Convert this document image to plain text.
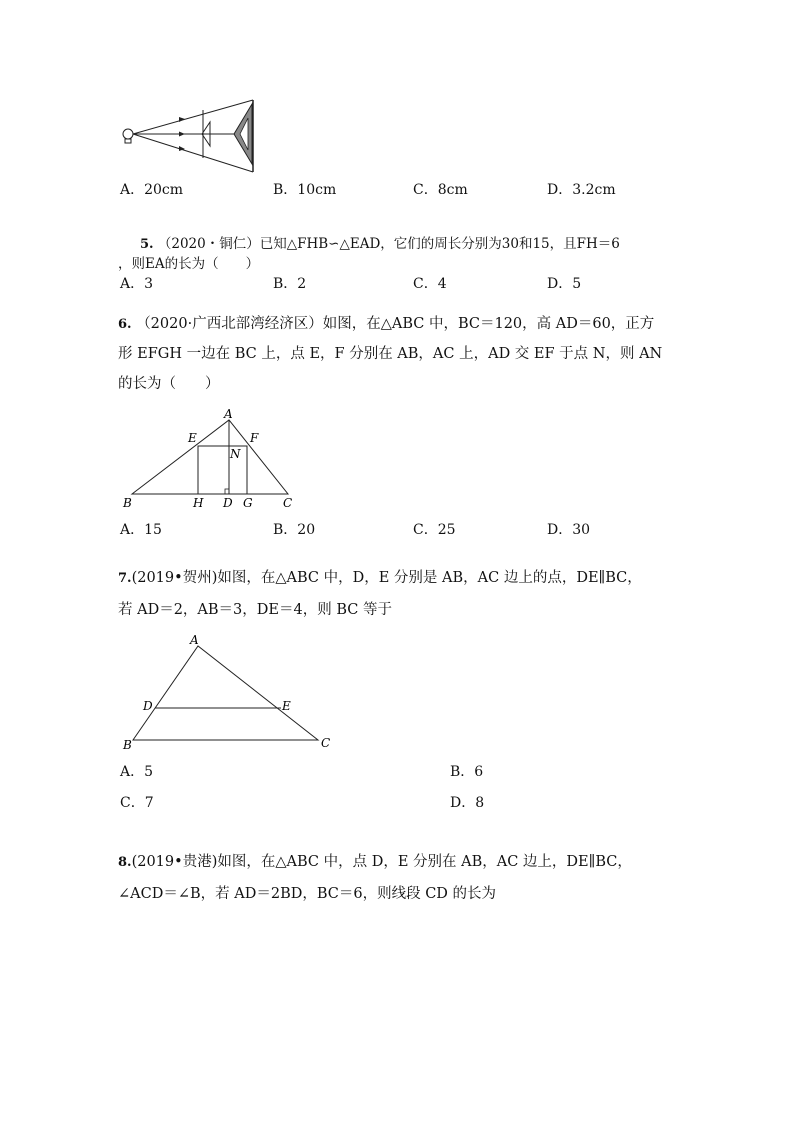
A．20cm	B．10cm	C．8cm	D．3.2cm
5. （2020・铜仁）已知△FHB∽△EAD，它们的周长分别为30和15，且FH＝6
，则EA的长为（　　）
A．3	B．2	C．4	D．5
6. （2020·广西北部湾经济区）如图，在△ABC 中，BC＝120，高 AD＝60，正方
形 EFGH 一边在 BC 上，点 E，F 分别在 AB，AC 上，AD 交 EF 于点 N，则 AN
的长为（　　）
A
E	F
N
B	H D G	C
A．15	B．20	C．25	D．30
7.(2019•贺州)如图，在△ABC 中，D，E 分别是 AB，AC 边上的点，DE∥BC，
若 AD＝2，AB＝3，DE＝4，则 BC 等于
A
D	E
B	C
A．5	B．6
C．7	D．8
8.(2019•贵港)如图，在△ABC 中，点 D，E 分别在 AB，AC 边上，DE∥BC，
∠ACD＝∠B，若 AD＝2BD，BC＝6，则线段 CD 的长为
